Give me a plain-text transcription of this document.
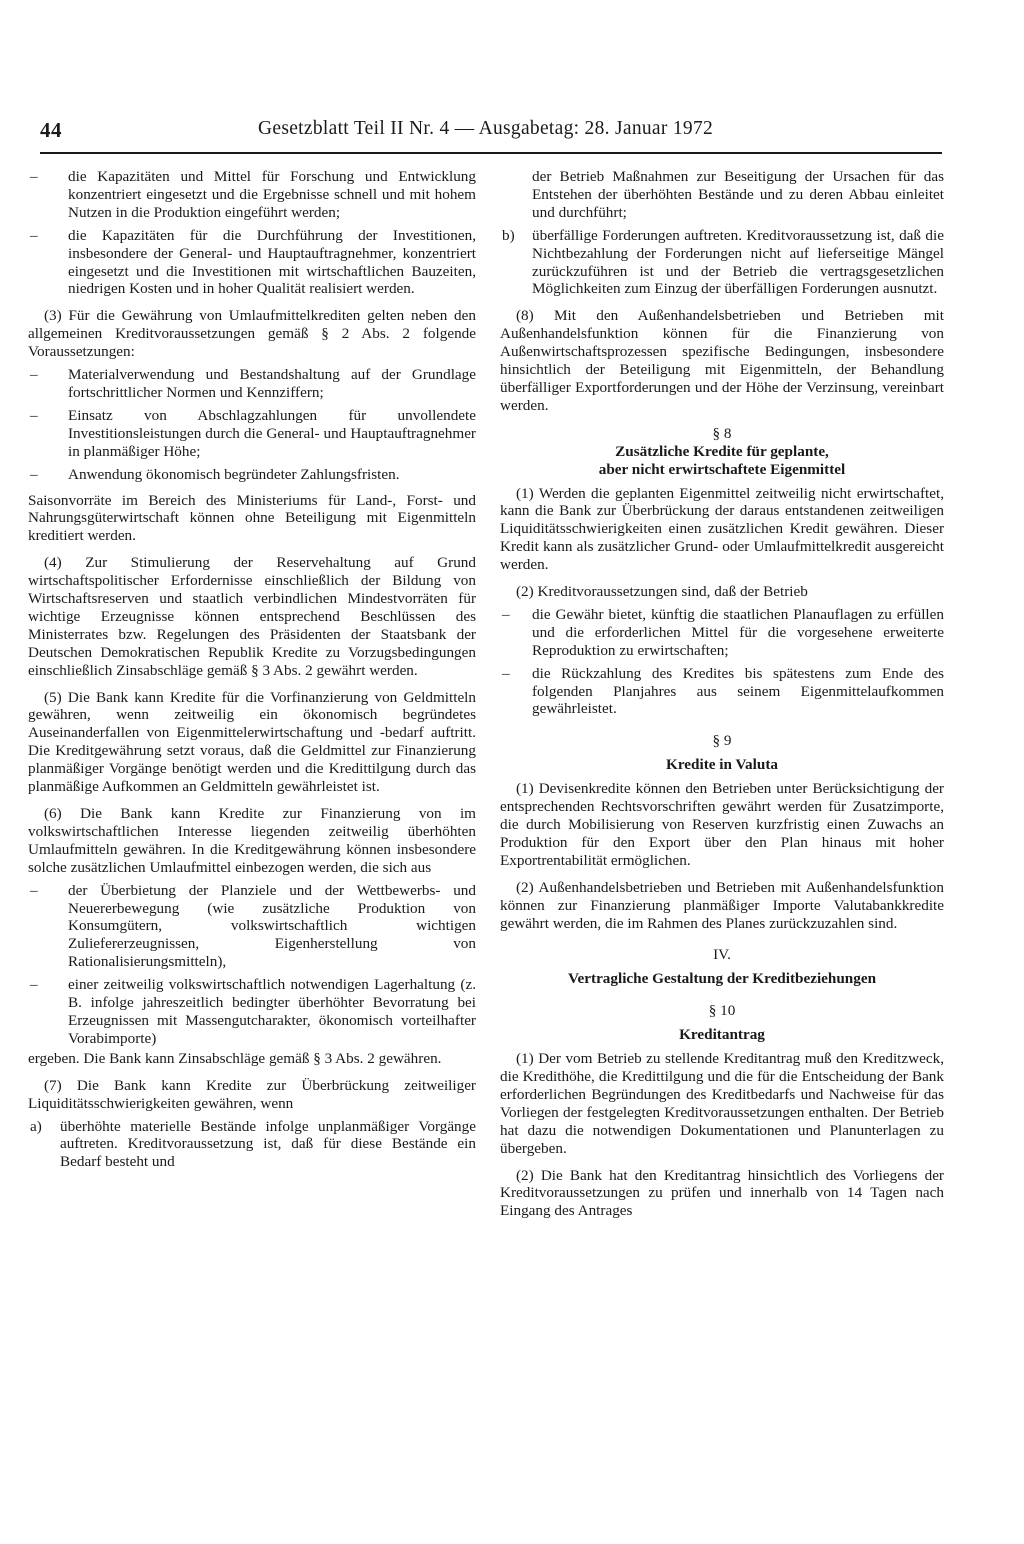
44	Gesetzblatt Teil II Nr. 4 — Ausgabetag: 28. Januar 1972
– die Kapazitäten und Mittel für Forschung und Entwicklung konzentriert eingesetzt und die Ergebnisse schnell und mit hohem Nutzen in die Produktion eingeführt werden;
– die Kapazitäten für die Durchführung der Investitionen, insbesondere der General- und Hauptauftragnehmer, konzentriert eingesetzt und die Investitionen mit wirtschaftlichen Bauzeiten, niedrigen Kosten und in hoher Qualität realisiert werden.

(3) Für die Gewährung von Umlaufmittelkrediten gelten neben den allgemeinen Kreditvoraussetzungen gemäß § 2 Abs. 2 folgende Voraussetzungen:

– Materialverwendung und Bestandshaltung auf der Grundlage fortschrittlicher Normen und Kennziffern;
– Einsatz von Abschlagzahlungen für unvollendete Investitionsleistungen durch die General- und Hauptauftragnehmer in planmäßiger Höhe;
– Anwendung ökonomisch begründeter Zahlungsfristen.

Saisonvorräte im Bereich des Ministeriums für Land-, Forst- und Nahrungsgüterwirtschaft können ohne Beteiligung mit Eigenmitteln kreditiert werden.

(4) Zur Stimulierung der Reservehaltung auf Grund wirtschaftspolitischer Erfordernisse einschließlich der Bildung von Wirtschaftsreserven und staatlich verbindlichen Mindestvorräten für wichtige Erzeugnisse können entsprechend Beschlüssen des Ministerrates bzw. Regelungen des Präsidenten der Staatsbank der Deutschen Demokratischen Republik Kredite zu Vorzugsbedingungen einschließlich Zinsabschläge gemäß § 3 Abs. 2 gewährt werden.

(5) Die Bank kann Kredite für die Vorfinanzierung von Geldmitteln gewähren, wenn zeitweilig ein ökonomisch begründetes Auseinanderfallen von Eigenmittelerwirtschaftung und -bedarf auftritt. Die Kreditgewährung setzt voraus, daß die Geldmittel zur Finanzierung planmäßiger Vorgänge benötigt werden und die Kredittilgung durch das planmäßige Aufkommen an Geldmitteln gewährleistet ist.

(6) Die Bank kann Kredite zur Finanzierung von im volkswirtschaftlichen Interesse liegenden zeitweilig überhöhten Umlaufmitteln gewähren. In die Kreditgewährung können insbesondere solche zusätzlichen Umlaufmittel einbezogen werden, die sich aus

– der Überbietung der Planziele und der Wettbewerbs- und Neuererbewegung (wie zusätzliche Produktion von Konsumgütern, volkswirtschaftlich wichtigen Zuliefererzeugnissen, Eigenherstellung von Rationalisierungsmitteln),
– einer zeitweilig volkswirtschaftlich notwendigen Lagerhaltung (z. B. infolge jahreszeitlich bedingter überhöhter Bevorratung bei Erzeugnissen mit Massengutcharakter, ökonomisch vorteilhafter Vorabimporte)

ergeben. Die Bank kann Zinsabschläge gemäß § 3 Abs. 2 gewähren.

(7) Die Bank kann Kredite zur Überbrückung zeitweiliger Liquiditätsschwierigkeiten gewähren, wenn

a) überhöhte materielle Bestände infolge unplanmäßiger Vorgänge auftreten. Kreditvoraussetzung ist, daß für diese Bestände ein Bedarf besteht und

der Betrieb Maßnahmen zur Beseitigung der Ursachen für das Entstehen der überhöhten Bestände und zu deren Abbau einleitet und durchführt;

b) überfällige Forderungen auftreten. Kreditvoraussetzung ist, daß die Nichtbezahlung der Forderungen nicht auf lieferseitige Mängel zurückzuführen ist und der Betrieb die vertragsgesetzlichen Möglichkeiten zum Einzug der überfälligen Forderungen ausnutzt.

(8) Mit den Außenhandelsbetrieben und Betrieben mit Außenhandelsfunktion können für die Finanzierung von Außenwirtschaftsprozessen spezifische Bedingungen, insbesondere hinsichtlich der Beteiligung mit Eigenmitteln, der Behandlung überfälliger Exportforderungen und der Höhe der Verzinsung, vereinbart werden.

§ 8

Zusätzliche Kredite für geplante,

aber nicht erwirtschaftete Eigenmittel

(1) Werden die geplanten Eigenmittel zeitweilig nicht erwirtschaftet, kann die Bank zur Überbrückung der daraus entstandenen zeitweiligen Liquiditätsschwierigkeiten einen zusätzlichen Kredit gewähren. Dieser Kredit kann als zusätzlicher Grund- oder Umlaufmittelkredit ausgereicht werden.

(2) Kreditvoraussetzungen sind, daß der Betrieb

– die Gewähr bietet, künftig die staatlichen Planauflagen zu erfüllen und die erforderlichen Mittel für die vorgesehene erweiterte Reproduktion zu erwirtschaften;
– die Rückzahlung des Kredites bis spätestens zum Ende des folgenden Planjahres aus seinem Eigenmittelaufkommen gewährleistet.

§ 9

Kredite in Valuta

(1) Devisenkredite können den Betrieben unter Berücksichtigung der entsprechenden Rechtsvorschriften gewährt werden für Zusatzimporte, die durch Mobilisierung von Reserven kurzfristig einen Zuwachs an Produktion für den Export über den Plan hinaus mit hoher Exportrentabilität ermöglichen.

(2) Außenhandelsbetrieben und Betrieben mit Außenhandelsfunktion können zur Finanzierung planmäßiger Importe Valutabankkredite gewährt werden, die im Rahmen des Planes zurückzuzahlen sind.

IV.

Vertragliche Gestaltung der Kreditbeziehungen

§ 10

Kreditantrag

(1) Der vom Betrieb zu stellende Kreditantrag muß den Kreditzweck, die Kredithöhe, die Kredittilgung und die für die Entscheidung der Bank erforderlichen Begründungen des Kreditbedarfs und Nachweise für das Vorliegen der festgelegten Kreditvoraussetzungen enthalten. Der Betrieb hat dazu die notwendigen Dokumentationen und Planunterlagen zu übergeben.

(2) Die Bank hat den Kreditantrag hinsichtlich des Vorliegens der Kreditvoraussetzungen zu prüfen und innerhalb von 14 Tagen nach Eingang des Antrages
